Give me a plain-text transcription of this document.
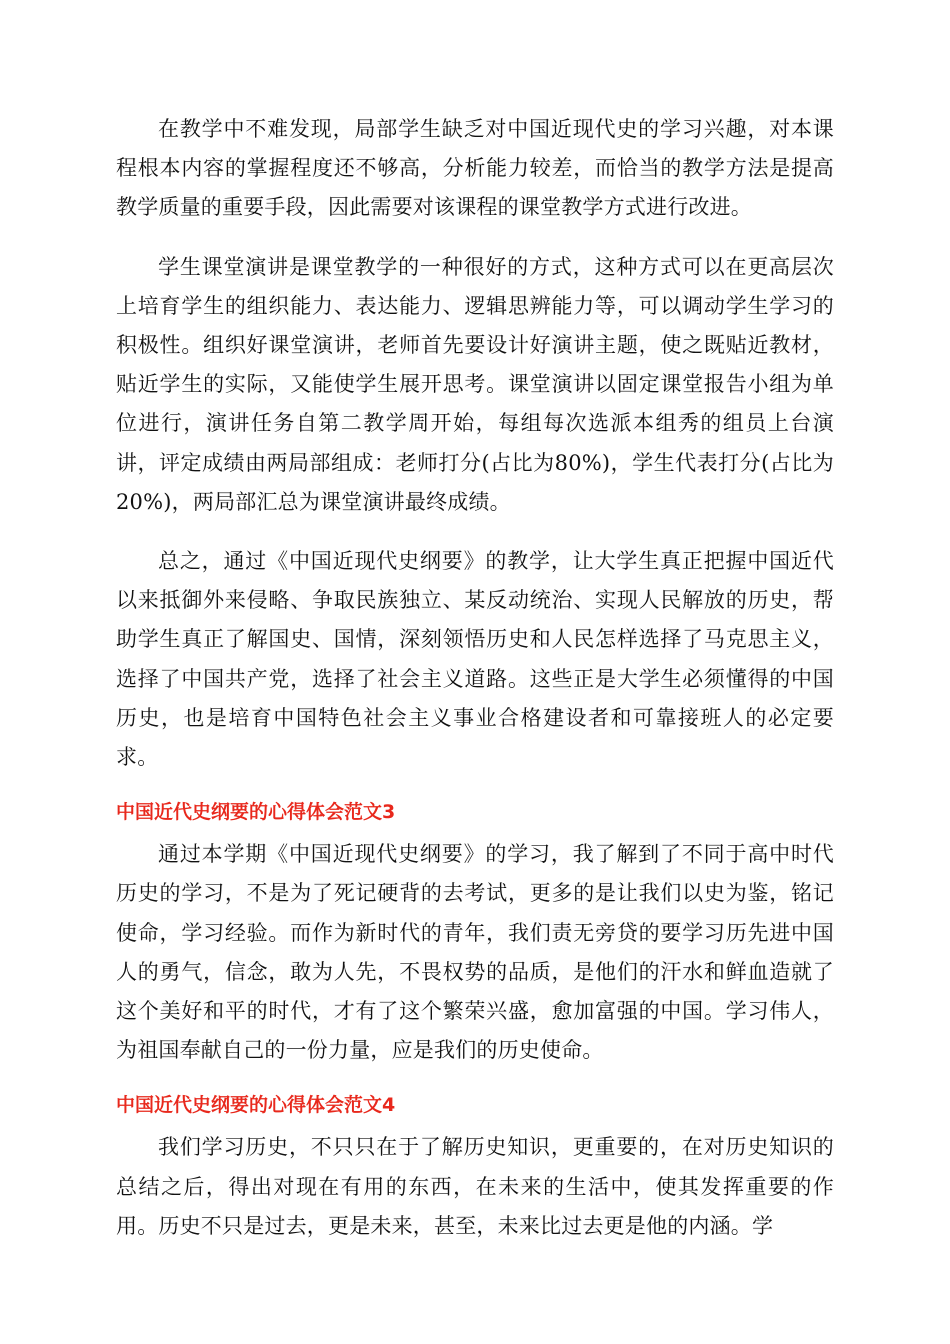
在教学中不难发现，局部学生缺乏对中国近现代史的学习兴趣，对本课程根本内容的掌握程度还不够高，分析能力较差，而恰当的教学方法是提高教学质量的重要手段，因此需要对该课程的课堂教学方式进行改进。

学生课堂演讲是课堂教学的一种很好的方式，这种方式可以在更高层次上培育学生的组织能力、表达能力、逻辑思辨能力等，可以调动学生学习的积极性。组织好课堂演讲，老师首先要设计好演讲主题，使之既贴近教材，贴近学生的实际，又能使学生展开思考。课堂演讲以固定课堂报告小组为单位进行，演讲任务自第二教学周开始，每组每次选派本组秀的组员上台演讲，评定成绩由两局部组成：老师打分(占比为80%)，学生代表打分(占比为20%)，两局部汇总为课堂演讲最终成绩。

总之，通过《中国近现代史纲要》的教学，让大学生真正把握中国近代以来抵御外来侵略、争取民族独立、某反动统治、实现人民解放的历史，帮助学生真正了解国史、国情，深刻领悟历史和人民怎样选择了马克思主义，选择了中国共产党，选择了社会主义道路。这些正是大学生必须懂得的中国历史，也是培育中国特色社会主义事业合格建设者和可靠接班人的必定要求。

中国近代史纲要的心得体会范文3

通过本学期《中国近现代史纲要》的学习，我了解到了不同于高中时代历史的学习，不是为了死记硬背的去考试，更多的是让我们以史为鉴，铭记使命，学习经验。而作为新时代的青年，我们责无旁贷的要学习历先进中国人的勇气，信念，敢为人先，不畏权势的品质，是他们的汗水和鲜血造就了这个美好和平的时代，才有了这个繁荣兴盛，愈加富强的中国。学习伟人，为祖国奉献自己的一份力量，应是我们的历史使命。

中国近代史纲要的心得体会范文4

我们学习历史，不只只在于了解历史知识，更重要的，在对历史知识的总结之后，得出对现在有用的东西，在未来的生活中，使其发挥重要的作用。历史不只是过去，更是未来，甚至，未来比过去更是他的内涵。学
